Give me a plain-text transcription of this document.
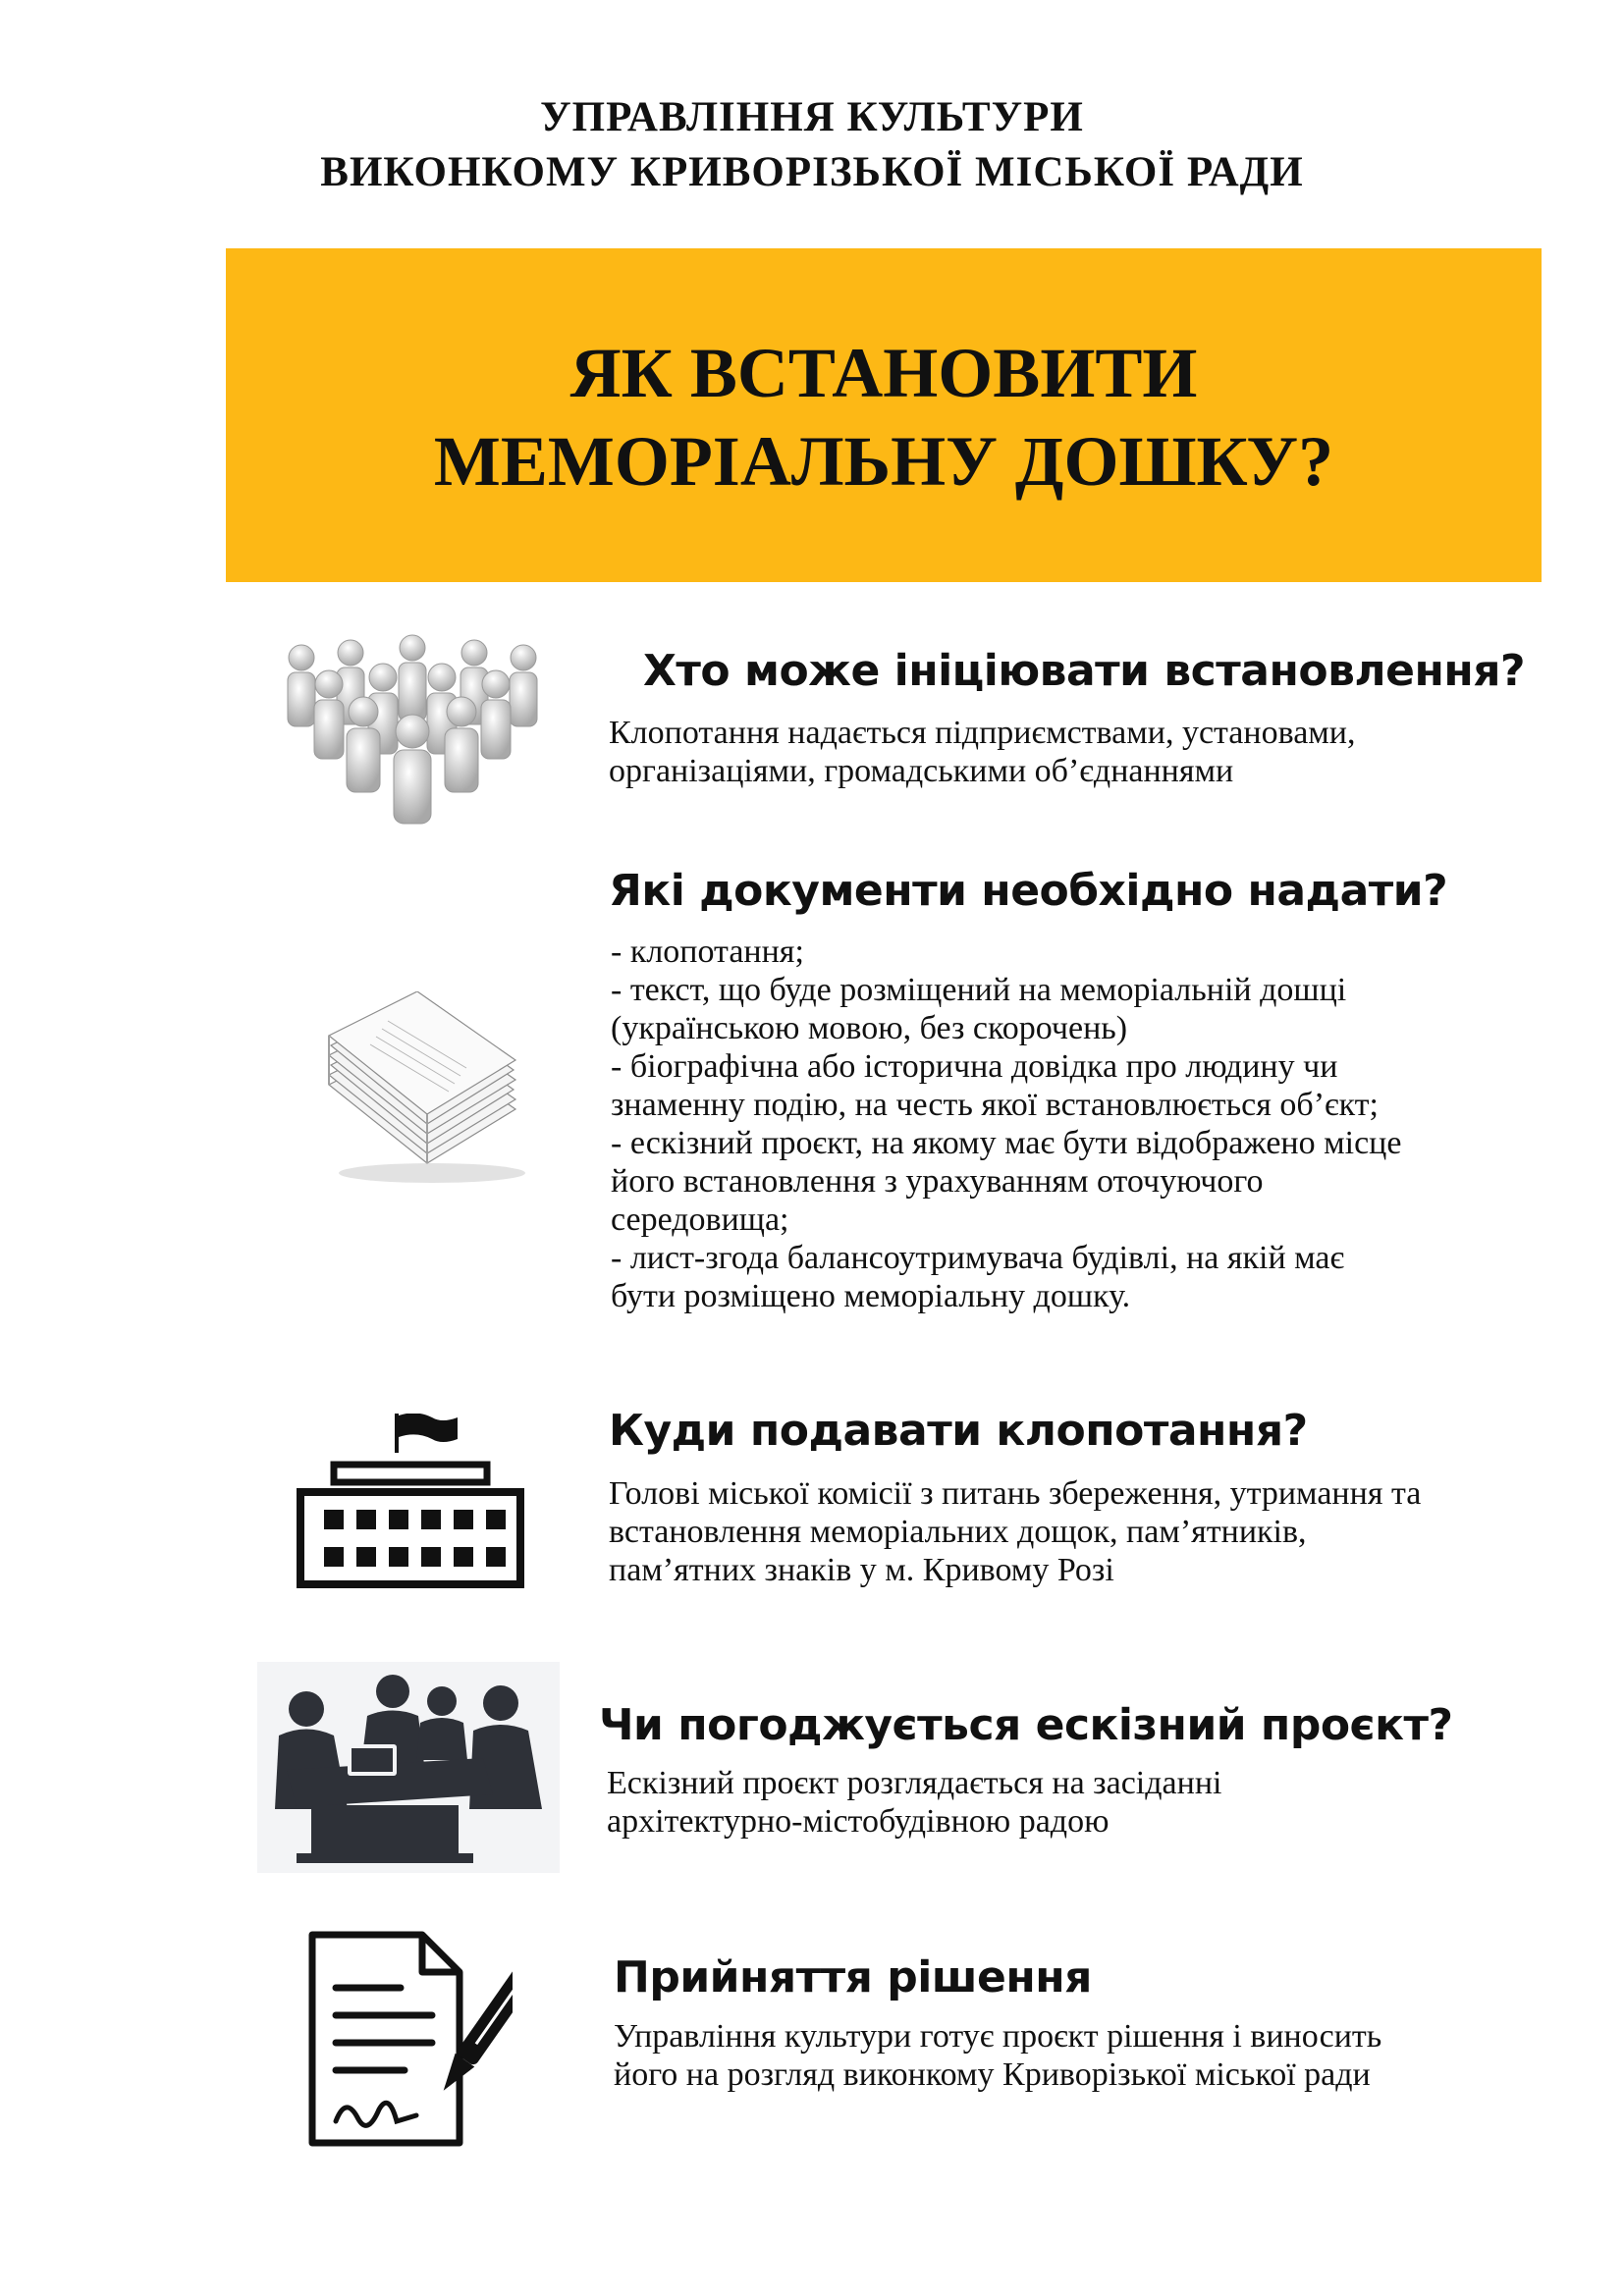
УПРАВЛІННЯ КУЛЬТУРИ
ВИКОНКОМУ КРИВОРІЗЬКОЇ МІСЬКОЇ РАДИ
ЯК ВСТАНОВИТИ
МЕМОРІАЛЬНУ ДОШКУ?
Хто може ініціювати встановлення?
Клопотання надається підприємствами, установами,
організаціями, громадськими об’єднаннями
Які документи необхідно надати?
- клопотання;
- текст, що буде розміщений на меморіальній дошці
(українською мовою, без скорочень)
- біографічна або історична довідка про людину чи
знаменну подію, на честь якої встановлюється об’єкт;
- ескізний проєкт, на якому має бути відображено місце
його встановлення з урахуванням оточуючого
середовища;
- лист-згода балансоутримувача будівлі, на якій має
бути розміщено меморіальну дошку.
Куди подавати клопотання?
Голові міської комісії з питань збереження, утримання та
встановлення меморіальних дощок, пам’ятників,
пам’ятних знаків у м. Кривому Розі
Чи погоджується ескізний проєкт?
Ескізний проєкт розглядається на засіданні
архітектурно-містобудівною радою
Прийняття рішення
Управління культури готує проєкт рішення і виносить
його на розгляд виконкому Криворізької міської ради
